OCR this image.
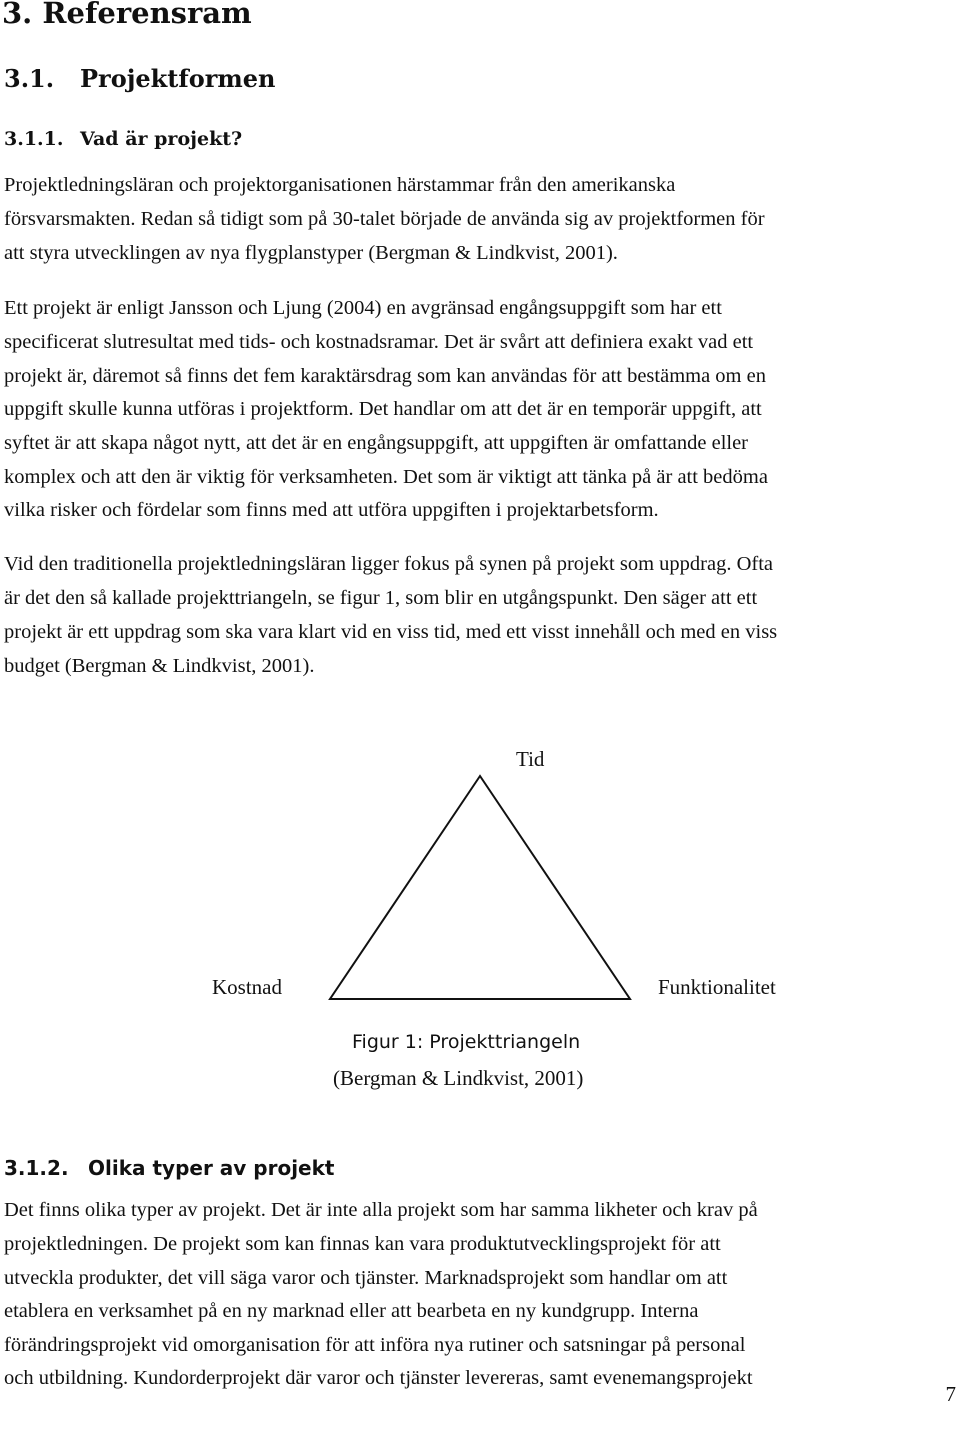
3. Referensram
3.1. Projektformen
3.1.1. Vad är projekt?
Projektledningsläran och projektorganisationen härstammar från den amerikanska
försvarsmakten. Redan så tidigt som på 30-talet började de använda sig av projektformen för
att styra utvecklingen av nya flygplanstyper (Bergman & Lindkvist, 2001).
Ett projekt är enligt Jansson och Ljung (2004) en avgränsad engångsuppgift som har ett
specificerat slutresultat med tids- och kostnadsramar. Det är svårt att definiera exakt vad ett
projekt är, däremot så finns det fem karaktärsdrag som kan användas för att bestämma om en
uppgift skulle kunna utföras i projektform. Det handlar om att det är en temporär uppgift, att
syftet är att skapa något nytt, att det är en engångsuppgift, att uppgiften är omfattande eller
komplex och att den är viktig för verksamheten. Det som är viktigt att tänka på är att bedöma
vilka risker och fördelar som finns med att utföra uppgiften i projektarbetsform.
Vid den traditionella projektledningsläran ligger fokus på synen på projekt som uppdrag. Ofta
är det den så kallade projekttriangeln, se figur 1, som blir en utgångspunkt. Den säger att ett
projekt är ett uppdrag som ska vara klart vid en viss tid, med ett visst innehåll och med en viss
budget (Bergman & Lindkvist, 2001).
Tid
Kostnad	Funktionalitet
Figur 1: Projekttriangeln
(Bergman & Lindkvist, 2001)
3.1.2. Olika typer av projekt
Det finns olika typer av projekt. Det är inte alla projekt som har samma likheter och krav på
projektledningen. De projekt som kan finnas kan vara produktutvecklingsprojekt för att
utveckla produkter, det vill säga varor och tjänster. Marknadsprojekt som handlar om att
etablera en verksamhet på en ny marknad eller att bearbeta en ny kundgrupp. Interna
förändringsprojekt vid omorganisation för att införa nya rutiner och satsningar på personal
och utbildning. Kundorderprojekt där varor och tjänster levereras, samt evenemangsprojekt
7
